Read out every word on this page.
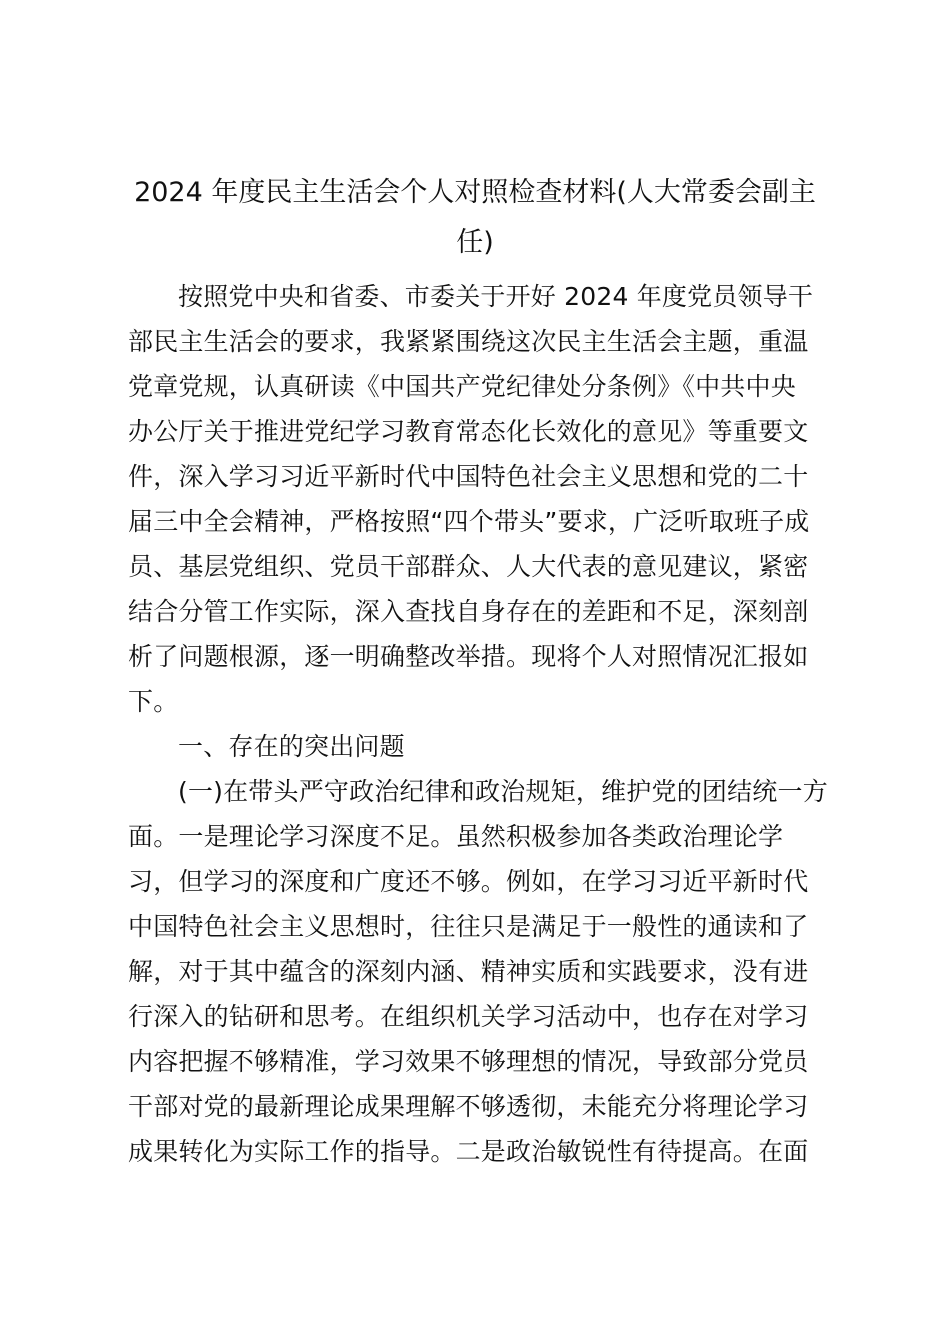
2024 年度民主生活会个人对照检查材料(人大常委会副主任)
按照党中央和省委、市委关于开好 2024 年度党员领导干
部民主生活会的要求，我紧紧围绕这次民主生活会主题，重温
党章党规，认真研读《中国共产党纪律处分条例》《中共中央
办公厅关于推进党纪学习教育常态化长效化的意见》等重要文
件，深入学习习近平新时代中国特色社会主义思想和党的二十
届三中全会精神，严格按照“四个带头”要求，广泛听取班子成
员、基层党组织、党员干部群众、人大代表的意见建议，紧密
结合分管工作实际，深入查找自身存在的差距和不足，深刻剖
析了问题根源，逐一明确整改举措。现将个人对照情况汇报如
下。
一、存在的突出问题
(一)在带头严守政治纪律和政治规矩，维护党的团结统一方
面。一是理论学习深度不足。虽然积极参加各类政治理论学
习，但学习的深度和广度还不够。例如，在学习习近平新时代
中国特色社会主义思想时，往往只是满足于一般性的通读和了
解，对于其中蕴含的深刻内涵、精神实质和实践要求，没有进
行深入的钻研和思考。在组织机关学习活动中，也存在对学习
内容把握不够精准，学习效果不够理想的情况，导致部分党员
干部对党的最新理论成果理解不够透彻，未能充分将理论学习
成果转化为实际工作的指导。二是政治敏锐性有待提高。在面
